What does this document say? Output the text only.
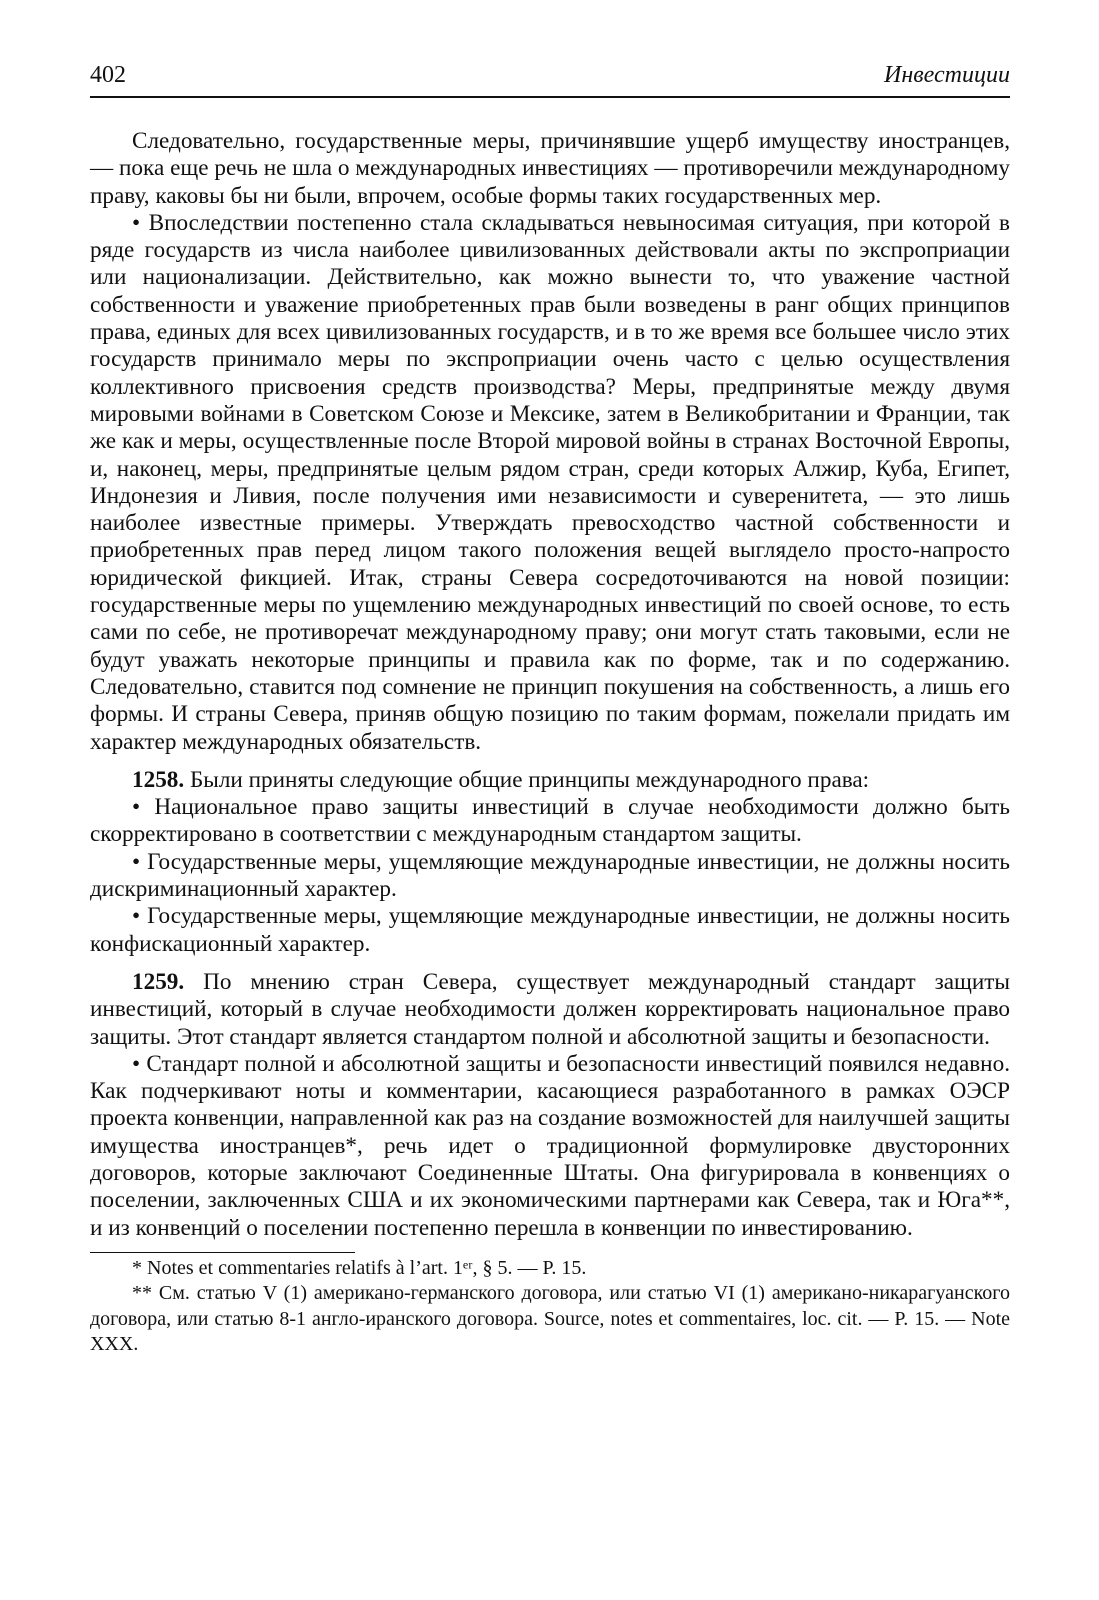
402	Инвестиции

Следовательно, государственные меры, причинявшие ущерб имуществу иностранцев, — пока еще речь не шла о международных инвестициях — противоречили международному праву, каковы бы ни были, впрочем, особые формы таких государственных мер.

• Впоследствии постепенно стала складываться невыносимая ситуация, при которой в ряде государств из числа наиболее цивилизованных действовали акты по экспроприации или национализации. Действительно, как можно вынести то, что уважение частной собственности и уважение приобретенных прав были возведены в ранг общих принципов права, единых для всех цивилизованных государств, и в то же время все большее число этих государств принимало меры по экспроприации очень часто с целью осуществления коллективного присвоения средств производства? Меры, предпринятые между двумя мировыми войнами в Советском Союзе и Мексике, затем в Великобритании и Франции, так же как и меры, осуществленные после Второй мировой войны в странах Восточной Европы, и, наконец, меры, предпринятые целым рядом стран, среди которых Алжир, Куба, Египет, Индонезия и Ливия, после получения ими независимости и суверенитета, — это лишь наиболее известные примеры. Утверждать превосходство частной собственности и приобретенных прав перед лицом такого положения вещей выглядело просто-напросто юридической фикцией. Итак, страны Севера сосредоточиваются на новой позиции: государственные меры по ущемлению международных инвестиций по своей основе, то есть сами по себе, не противоречат международному праву; они могут стать таковыми, если не будут уважать некоторые принципы и правила как по форме, так и по содержанию. Следовательно, ставится под сомнение не принцип покушения на собственность, а лишь его формы. И страны Севера, приняв общую позицию по таким формам, пожелали придать им характер международных обязательств.

1258. Были приняты следующие общие принципы международного права:

• Национальное право защиты инвестиций в случае необходимости должно быть скорректировано в соответствии с международным стандартом защиты.

• Государственные меры, ущемляющие международные инвестиции, не должны носить дискриминационный характер.

• Государственные меры, ущемляющие международные инвестиции, не должны носить конфискационный характер.

1259. По мнению стран Севера, существует международный стандарт защиты инвестиций, который в случае необходимости должен корректировать национальное право защиты. Этот стандарт является стандартом полной и абсолютной защиты и безопасности.

• Стандарт полной и абсолютной защиты и безопасности инвестиций появился недавно. Как подчеркивают ноты и комментарии, касающиеся разработанного в рамках ОЭСР проекта конвенции, направленной как раз на создание возможностей для наилучшей защиты имущества иностранцев*, речь идет о традиционной формулировке двусторонних договоров, которые заключают Соединенные Штаты. Она фигурировала в конвенциях о поселении, заключенных США и их экономическими партнерами как Севера, так и Юга**, и из конвенций о поселении постепенно перешла в конвенции по инвестированию.

* Notes et commentaries relatifs à l’art. 1ᵉʳ, § 5. — P. 15.

** См. статью V (1) американо-германского договора, или статью VI (1) американо-никарагуанского договора, или статью 8-1 англо-иранского договора. Source, notes et commentaires, loc. cit. — P. 15. — Note XXX.
